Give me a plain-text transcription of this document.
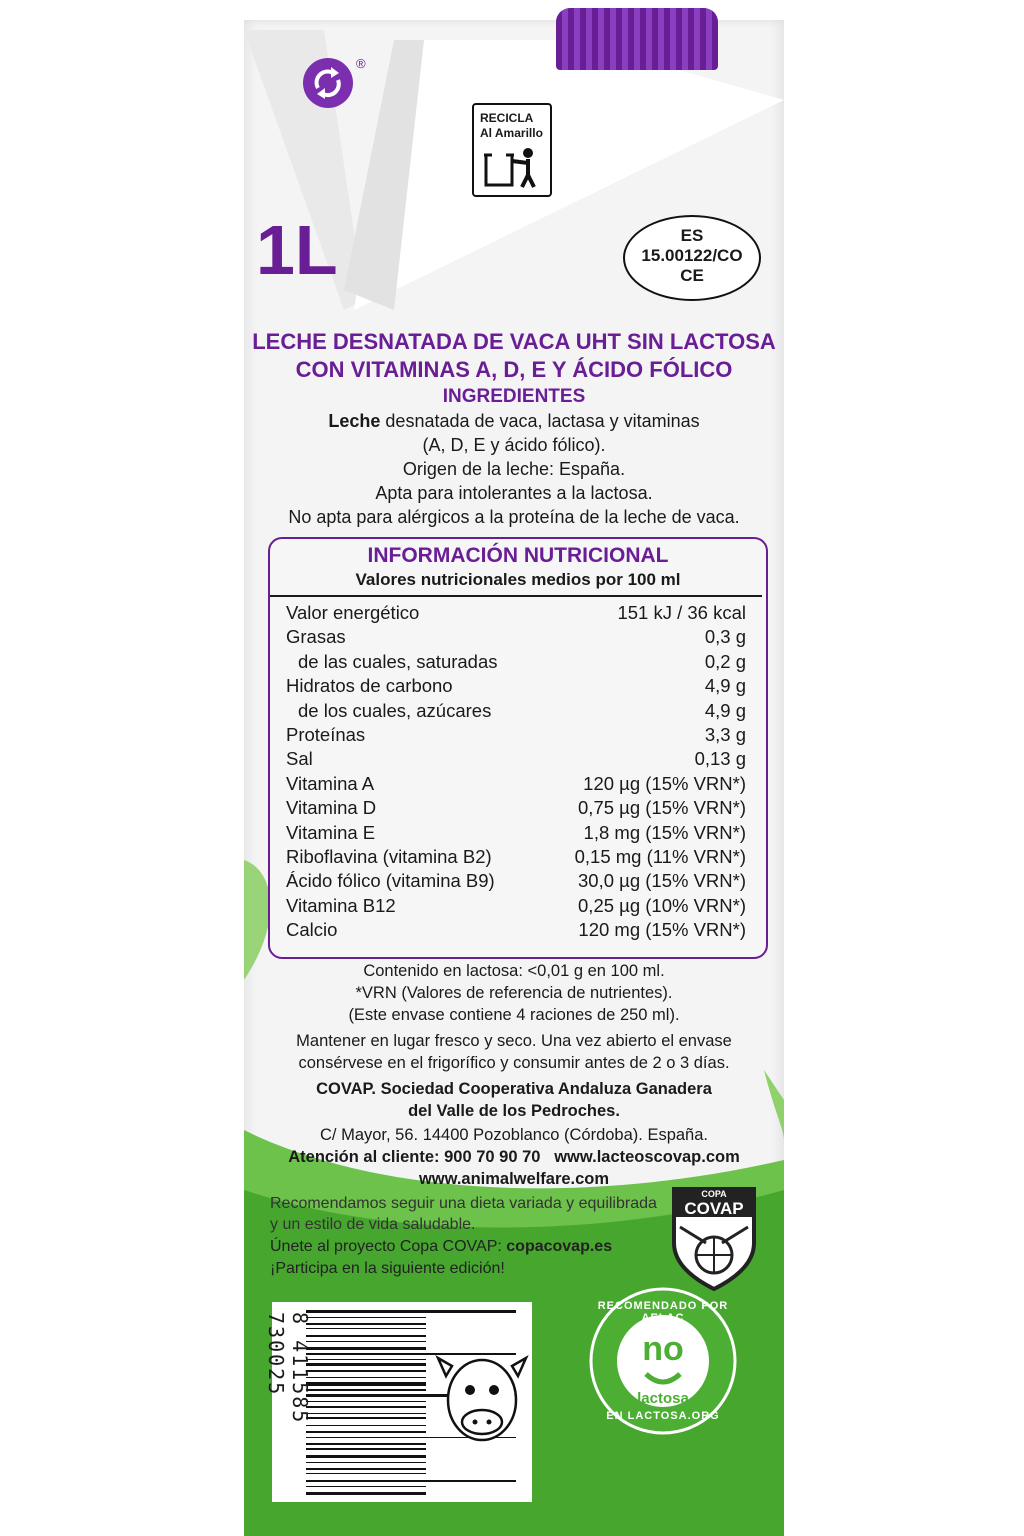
®
RECICLA
Al Amarillo
1L	ES
15.00122/CO
CE
LECHE DESNATADA DE VACA UHT SIN LACTOSA
CON VITAMINAS A, D, E Y ÁCIDO FÓLICO
INGREDIENTES
Leche desnatada de vaca, lactasa y vitaminas
(A, D, E y ácido fólico).
Origen de la leche: España.
Apta para intolerantes a la lactosa.
No apta para alérgicos a la proteína de la leche de vaca.
Contenido en lactosa: <0,01 g en 100 ml.
*VRN (Valores de referencia de nutrientes).
(Este envase contiene 4 raciones de 250 ml).
Mantener en lugar fresco y seco. Una vez abierto el envase
consérvese en el frigorífico y consumir antes de 2 o 3 días.
COVAP. Sociedad Cooperativa Andaluza Ganadera
del Valle de los Pedroches.
C/ Mayor, 56. 14400 Pozoblanco (Córdoba). España.
Atención al cliente: 900 70 90 70 www.lacteoscovap.com
www.animalwelfare.com
INFORMACIÓN NUTRICIONAL
Valores nutricionales medios por 100 ml
Valor energético	151 kJ / 36 kcal
Grasas	0,3 g
de las cuales, saturadas	0,2 g
Hidratos de carbono	4,9 g
de los cuales, azúcares	4,9 g
Proteínas	3,3 g
Sal	0,13 g
Vitamina A	120 µg (15% VRN*)
Vitamina D	0,75 µg (15% VRN*)
Vitamina E	1,8 mg (15% VRN*)
Riboflavina (vitamina B2)	0,15 mg (11% VRN*)
Ácido fólico (vitamina B9)	30,0 µg (15% VRN*)
Vitamina B12	0,25 µg (10% VRN*)
Calcio	120 mg (15% VRN*)
Recomendamos seguir una dieta variada y equilibrada
y un estilo de vida saludable.
Únete al proyecto Copa COVAP: copacovap.es
¡Participa en la siguiente edición!
COPA
COVAP
8 411585 730025
RECOMENDADO POR AELAC
EN LACTOSA.ORG
no
lactosa
